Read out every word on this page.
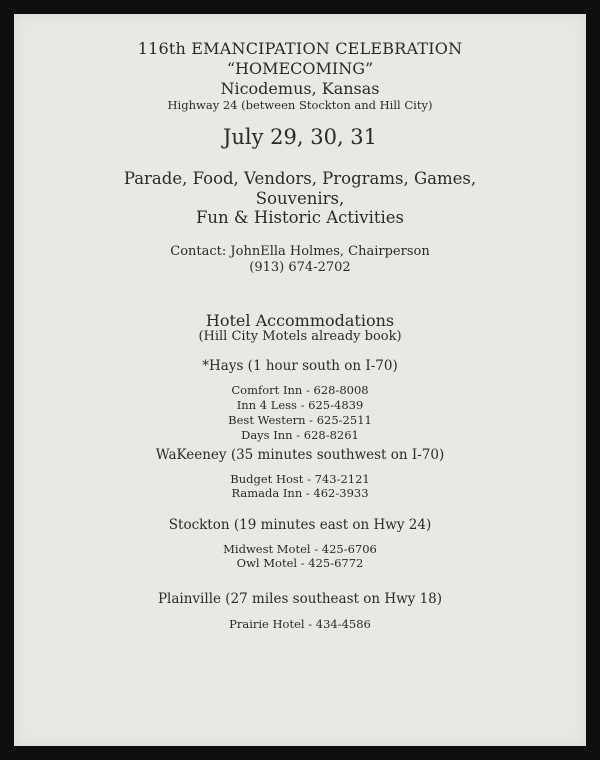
116th EMANCIPATION CELEBRATION
“HOMECOMING”
Nicodemus, Kansas
Highway 24 (between Stockton and Hill City)
July 29, 30, 31
Parade, Food, Vendors, Programs, Games,
Souvenirs,
Fun & Historic Activities
Contact: JohnElla Holmes, Chairperson
(913) 674-2702
Hotel Accommodations
(Hill City Motels already book)
*Hays (1 hour south on I-70)
Comfort Inn - 628-8008
Inn 4 Less - 625-4839
Best Western - 625-2511
Days Inn - 628-8261
WaKeeney (35 minutes southwest on I-70)
Budget Host - 743-2121
Ramada Inn - 462-3933
Stockton (19 minutes east on Hwy 24)
Midwest Motel - 425-6706
Owl Motel - 425-6772
Plainville (27 miles southeast on Hwy 18)
Prairie Hotel - 434-4586
